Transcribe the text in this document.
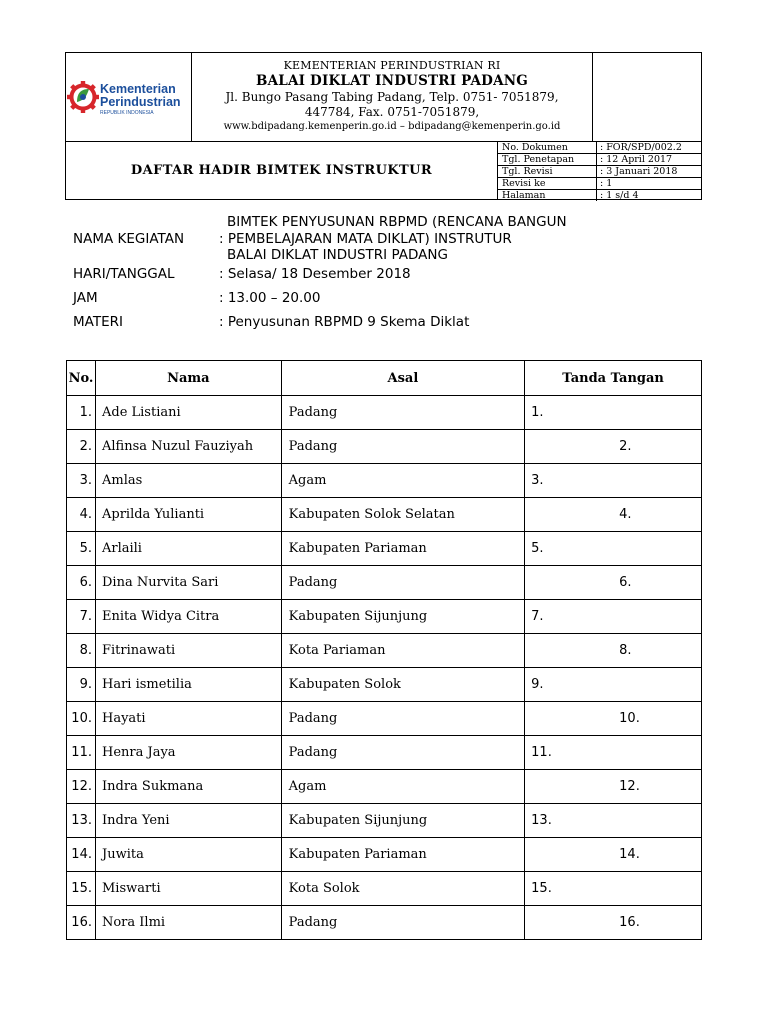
Kementerian
Perindustrian
REPUBLIK INDONESIA
KEMENTERIAN PERINDUSTRIAN RI
BALAI DIKLAT INDUSTRI PADANG
Jl. Bungo Pasang Tabing Padang, Telp. 0751- 7051879,
447784, Fax. 0751-7051879,
www.bdipadang.kemenperin.go.id – bdipadang@kemenperin.go.id
DAFTAR HADIR BIMTEK INSTRUKTUR
No. Dokumen	: FOR/SPD/002.2
Tgl. Penetapan	: 12 April 2017
Tgl. Revisi	: 3 Januari 2018
Revisi ke	: 1
Halaman	: 1 s/d 4
BIMTEK PENYUSUNAN RBPMD (RENCANA BANGUN
NAMA KEGIATAN	: PEMBELAJARAN MATA DIKLAT) INSTRUTUR
BALAI DIKLAT INDUSTRI PADANG
HARI/TANGGAL	: Selasa/ 18 Desember 2018
JAM	: 13.00 – 20.00
MATERI	: Penyusunan RBPMD 9 Skema Diklat
No.	Nama	Asal	Tanda Tangan
1.	Ade Listiani	Padang	1.
2.	Alfinsa Nuzul Fauziyah	Padang	2.
3.	Amlas	Agam	3.
4.	Aprilda Yulianti	Kabupaten Solok Selatan	4.
5.	Arlaili	Kabupaten Pariaman	5.
6.	Dina Nurvita Sari	Padang	6.
7.	Enita Widya Citra	Kabupaten Sijunjung	7.
8.	Fitrinawati	Kota Pariaman	8.
9.	Hari ismetilia	Kabupaten Solok	9.
10.	Hayati	Padang	10.
11.	Henra Jaya	Padang	11.
12.	Indra Sukmana	Agam	12.
13.	Indra Yeni	Kabupaten Sijunjung	13.
14.	Juwita	Kabupaten Pariaman	14.
15.	Miswarti	Kota Solok	15.
16.	Nora Ilmi	Padang	16.
